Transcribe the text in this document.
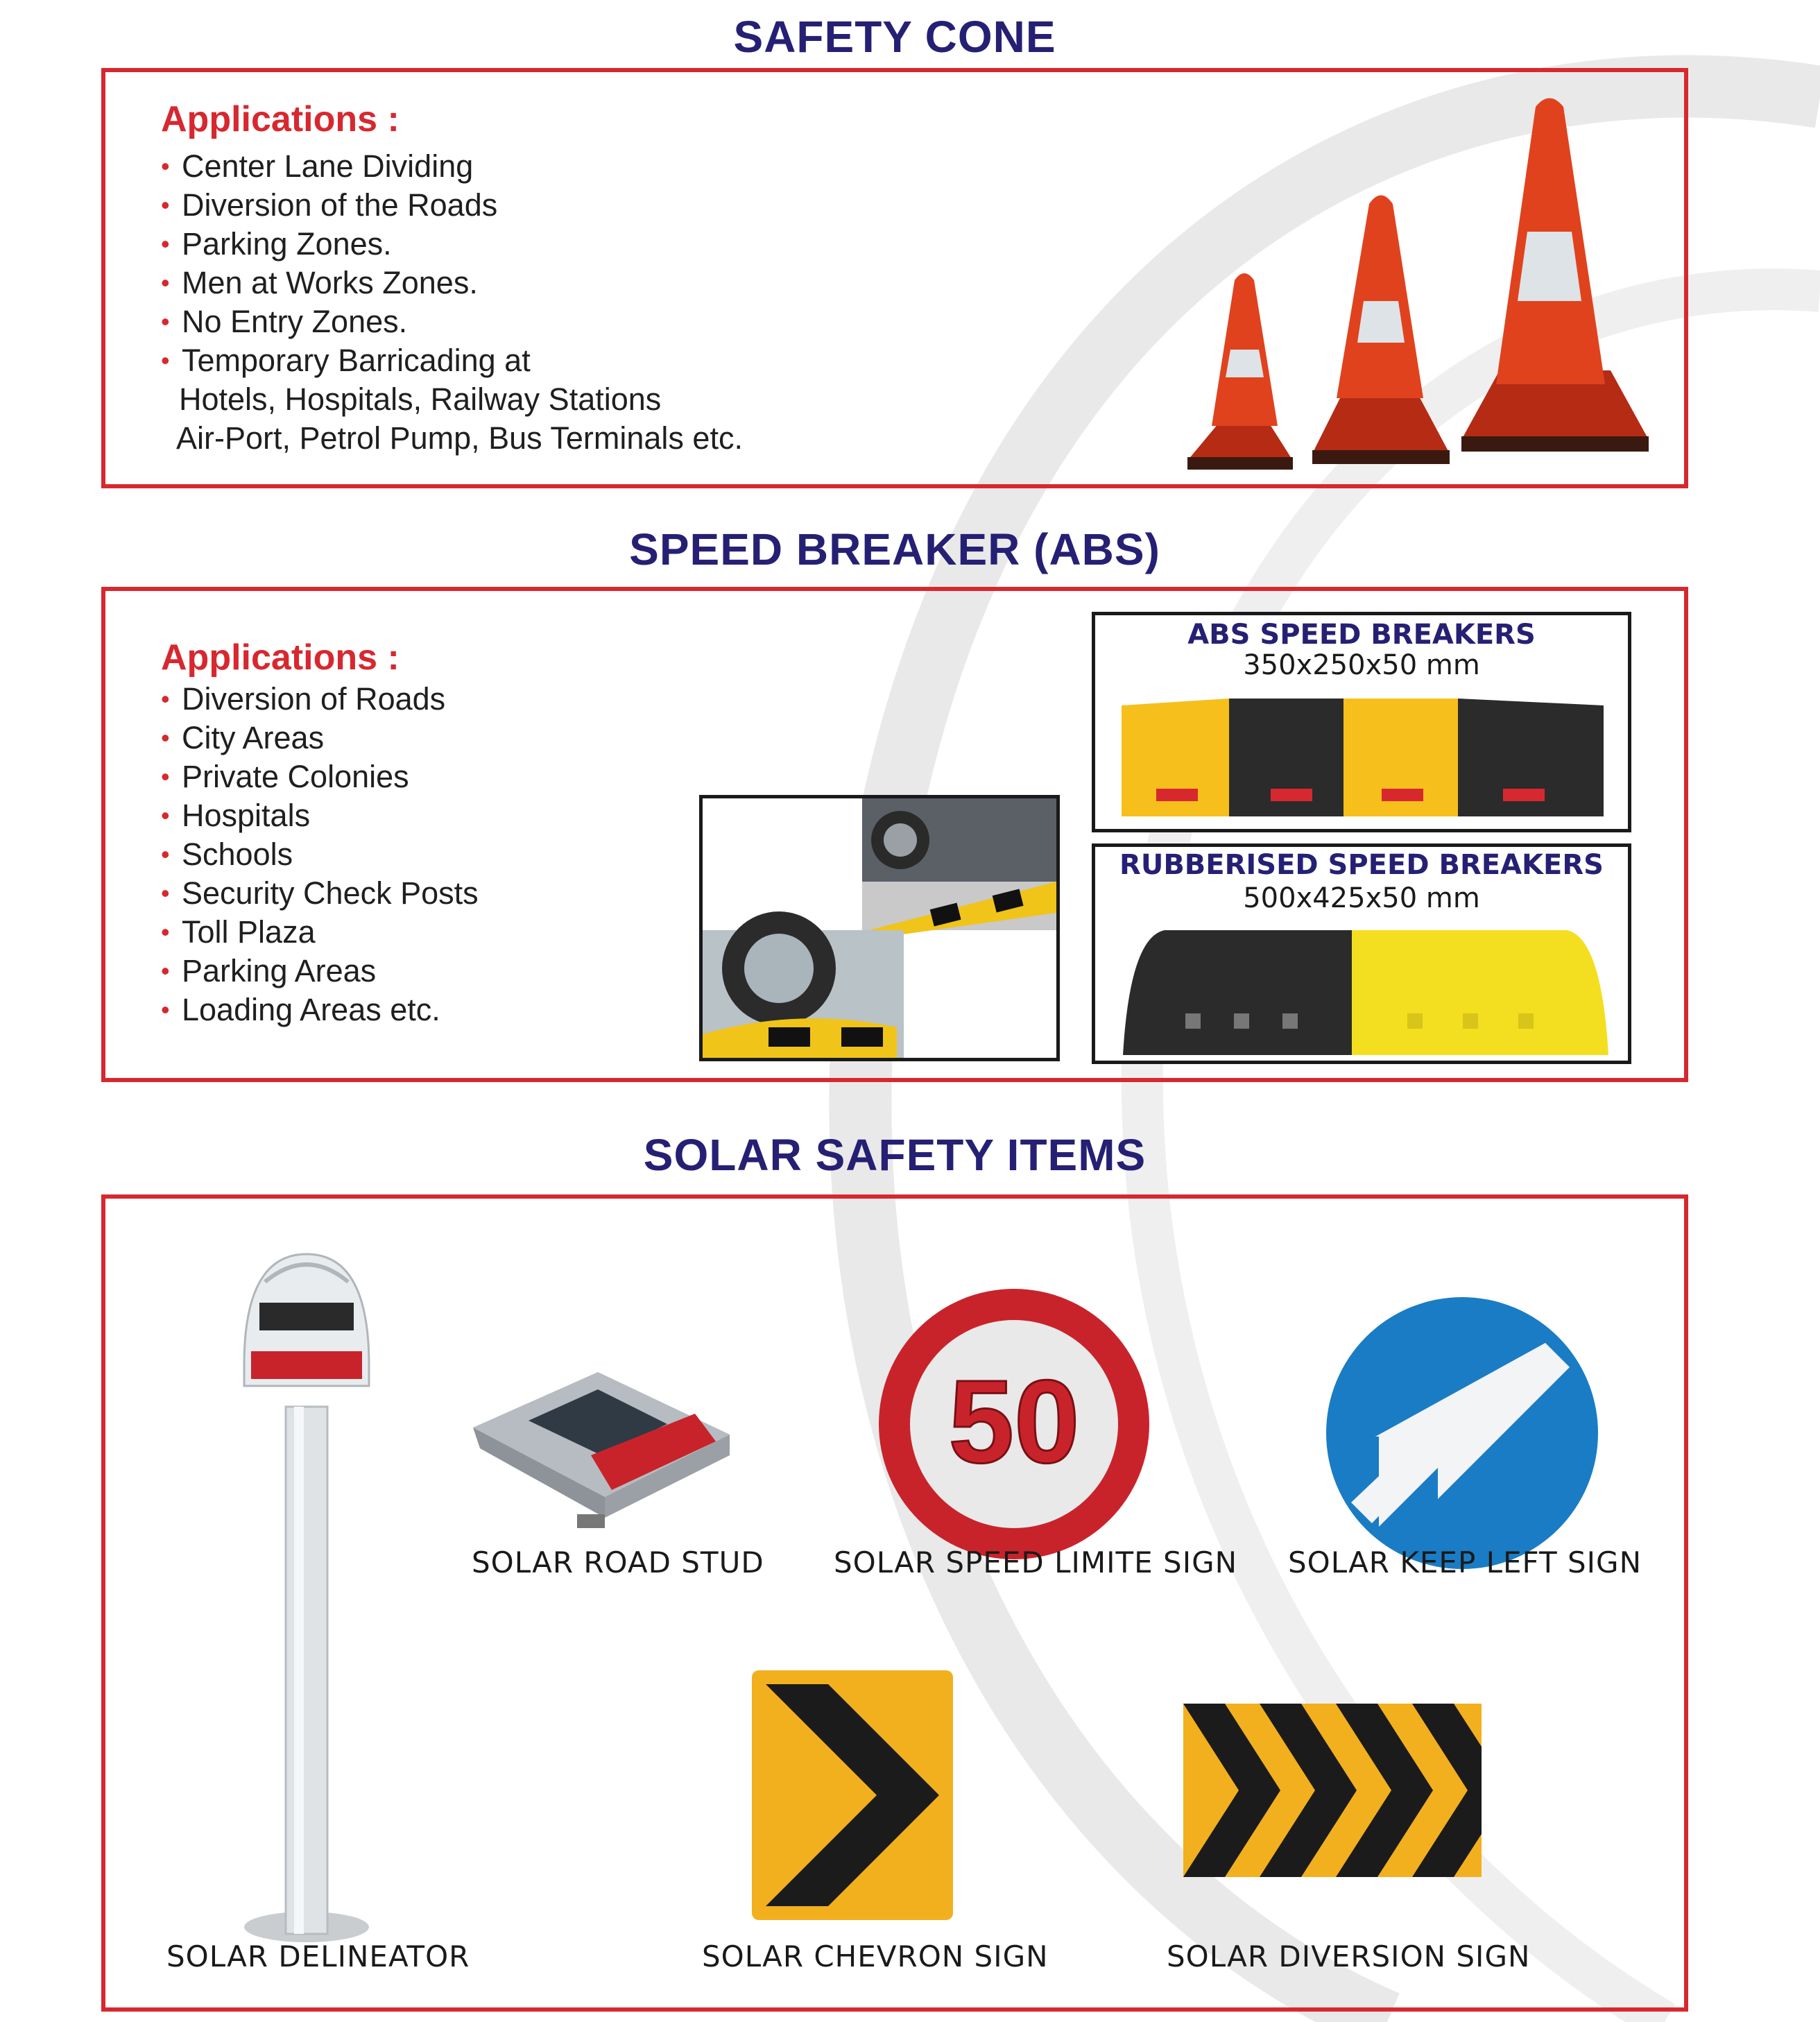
SAFETY CONE
Applications :
• Center Lane Dividing
• Diversion of the Roads
• Parking Zones.
• Men at Works Zones.
• No Entry Zones.
• Temporary Barricading at
Hotels, Hospitals, Railway Stations
Air-Port, Petrol Pump, Bus Terminals etc.
SPEED BREAKER (ABS)
Applications :
• Diversion of Roads
• City Areas
• Private Colonies
• Hospitals
• Schools
• Security Check Posts
• Toll Plaza
• Parking Areas
• Loading Areas etc.
ABS SPEED BREAKERS
350x250x50 mm
RUBBERISED SPEED BREAKERS
500x425x50 mm
SOLAR SAFETY ITEMS
SOLAR DELINEATOR
SOLAR ROAD STUD
50
SOLAR SPEED LIMITE SIGN SOLAR KEEP LEFT SIGN
SOLAR CHEVRON SIGN	SOLAR DIVERSION SIGN
